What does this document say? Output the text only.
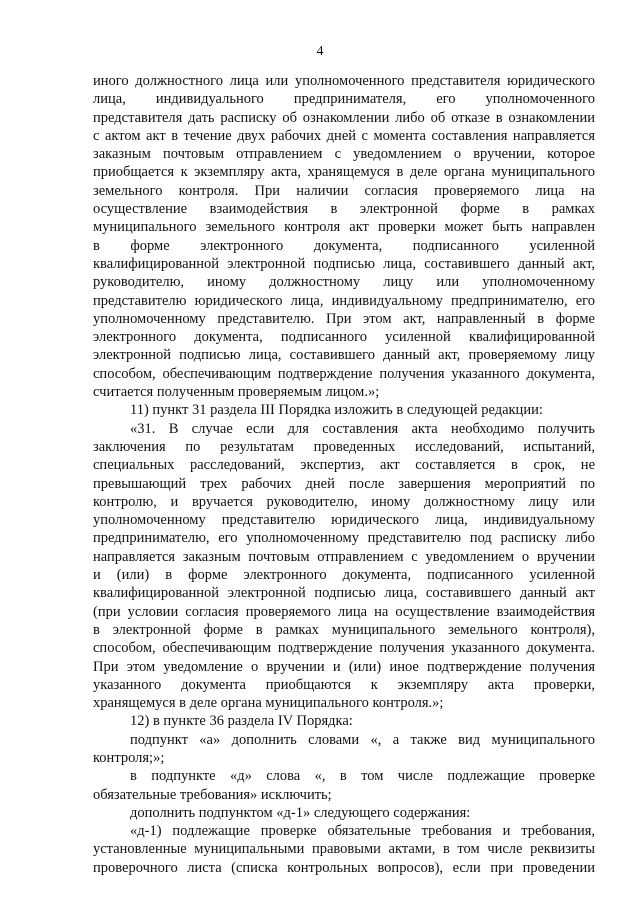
4
иного должностного лица или уполномоченного представителя юридического
лица, индивидуального предпринимателя, его уполномоченного
представителя дать расписку об ознакомлении либо об отказе в ознакомлении
с актом акт в течение двух рабочих дней с момента составления направляется
заказным почтовым отправлением с уведомлением о вручении, которое
приобщается к экземпляру акта, хранящемуся в деле органа муниципального
земельного контроля. При наличии согласия проверяемого лица на
осуществление взаимодействия в электронной форме в рамках
муниципального земельного контроля акт проверки может быть направлен
в форме электронного документа, подписанного усиленной
квалифицированной электронной подписью лица, составившего данный акт,
руководителю, иному должностному лицу или уполномоченному
представителю юридического лица, индивидуальному предпринимателю, его
уполномоченному представителю. При этом акт, направленный в форме
электронного документа, подписанного усиленной квалифицированной
электронной подписью лица, составившего данный акт, проверяемому лицу
способом, обеспечивающим подтверждение получения указанного документа,
считается полученным проверяемым лицом.»;
11) пункт 31 раздела III Порядка изложить в следующей редакции:
«31. В случае если для составления акта необходимо получить
заключения по результатам проведенных исследований, испытаний,
специальных расследований, экспертиз, акт составляется в срок, не
превышающий трех рабочих дней после завершения мероприятий по
контролю, и вручается руководителю, иному должностному лицу или
уполномоченному представителю юридического лица, индивидуальному
предпринимателю, его уполномоченному представителю под расписку либо
направляется заказным почтовым отправлением с уведомлением о вручении
и (или) в форме электронного документа, подписанного усиленной
квалифицированной электронной подписью лица, составившего данный акт
(при условии согласия проверяемого лица на осуществление взаимодействия
в электронной форме в рамках муниципального земельного контроля),
способом, обеспечивающим подтверждение получения указанного документа.
При этом уведомление о вручении и (или) иное подтверждение получения
указанного документа приобщаются к экземпляру акта проверки,
хранящемуся в деле органа муниципального контроля.»;
12) в пункте 36 раздела IV Порядка:
подпункт «а» дополнить словами «, а также вид муниципального
контроля;»;
в подпункте «д» слова «, в том числе подлежащие проверке
обязательные требования» исключить;
дополнить подпунктом «д-1» следующего содержания:
«д-1) подлежащие проверке обязательные требования и требования,
установленные муниципальными правовыми актами, в том числе реквизиты
проверочного листа (списка контрольных вопросов), если при проведении
